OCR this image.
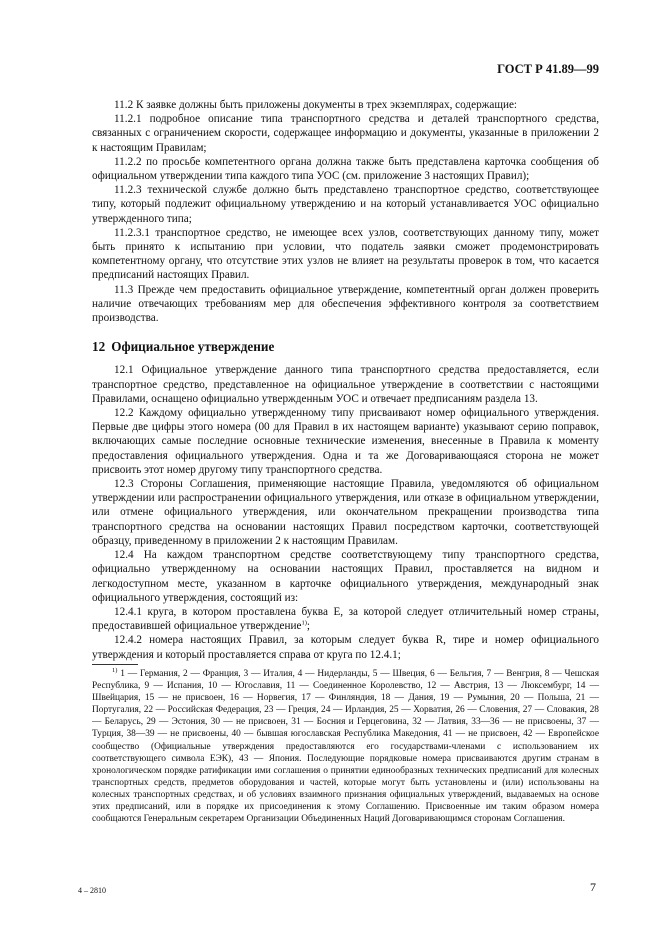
ГОСТ Р 41.89—99

11.2 К заявке должны быть приложены документы в трех экземплярах, содержащие:

11.2.1 подробное описание типа транспортного средства и деталей транспортного средства, связанных с ограничением скорости, содержащее информацию и документы, указанные в приложении 2 к настоящим Правилам;

11.2.2 по просьбе компетентного органа должна также быть представлена карточка сообщения об официальном утверждении типа каждого типа УОС (см. приложение 3 настоящих Правил);

11.2.3 технической службе должно быть представлено транспортное средство, соответствующее типу, который подлежит официальному утверждению и на который устанавливается УОС официально утвержденного типа;

11.2.3.1 транспортное средство, не имеющее всех узлов, соответствующих данному типу, может быть принято к испытанию при условии, что податель заявки сможет продемонстрировать компетентному органу, что отсутствие этих узлов не влияет на результаты проверок в том, что касается предписаний настоящих Правил.

11.3 Прежде чем предоставить официальное утверждение, компетентный орган должен проверить наличие отвечающих требованиям мер для обеспечения эффективного контроля за соответствием производства.

12 Официальное утверждение

12.1 Официальное утверждение данного типа транспортного средства предоставляется, если транспортное средство, представленное на официальное утверждение в соответствии с настоящими Правилами, оснащено официально утвержденным УОС и отвечает предписаниям раздела 13.

12.2 Каждому официально утвержденному типу присваивают номер официального утверждения. Первые две цифры этого номера (00 для Правил в их настоящем варианте) указывают серию поправок, включающих самые последние основные технические изменения, внесенные в Правила к моменту предоставления официального утверждения. Одна и та же Договаривающаяся сторона не может присвоить этот номер другому типу транспортного средства.

12.3 Стороны Соглашения, применяющие настоящие Правила, уведомляются об официальном утверждении или распространении официального утверждения, или отказе в официальном утверждении, или отмене официального утверждения, или окончательном прекращении производства типа транспортного средства на основании настоящих Правил посредством карточки, соответствующей образцу, приведенному в приложении 2 к настоящим Правилам.

12.4 На каждом транспортном средстве соответствующему типу транспортного средства, официально утвержденному на основании настоящих Правил, проставляется на видном и легкодоступном месте, указанном в карточке официального утверждения, международный знак официального утверждения, состоящий из:

12.4.1 круга, в котором проставлена буква Е, за которой следует отличительный номер страны, предоставившей официальное утверждение$^{1)}$;

12.4.2 номера настоящих Правил, за которым следует буква R, тире и номер официального утверждения и который проставляется справа от круга по 12.4.1;

$^{1)}$ 1 — Германия, 2 — Франция, 3 — Италия, 4 — Нидерланды, 5 — Швеция, 6 — Бельгия, 7 — Венгрия, 8 — Чешская Республика, 9 — Испания, 10 — Югославия, 11 — Соединенное Королевство, 12 — Австрия, 13 — Люксембург, 14 — Швейцария, 15 — не присвоен, 16 — Норвегия, 17 — Финляндия, 18 — Дания, 19 — Румыния, 20 — Польша, 21 — Португалия, 22 — Российская Федерация, 23 — Греция, 24 — Ирландия, 25 — Хорватия, 26 — Словения, 27 — Словакия, 28 — Беларусь, 29 — Эстония, 30 — не присвоен, 31 — Босния и Герцеговина, 32 — Латвия, 33—36 — не присвоены, 37 — Турция, 38—39 — не присвоены, 40 — бывшая югославская Республика Македония, 41 — не присвоен, 42 — Европейское сообщество (Официальные утверждения предоставляются его государствами-членами с использованием их соответствующего символа ЕЭК), 43 — Япония. Последующие порядковые номера присваиваются другим странам в хронологическом порядке ратификации ими соглашения о принятии единообразных технических предписаний для колесных транспортных средств, предметов оборудования и частей, которые могут быть установлены и (или) использованы на колесных транспортных средствах, и об условиях взаимного признания официальных утверждений, выдаваемых на основе этих предписаний, или в порядке их присоединения к этому Соглашению. Присвоенные им таким образом номера сообщаются Генеральным секретарем Организации Объединенных Наций Договаривающимся сторонам Соглашения.
4 – 2810	7
